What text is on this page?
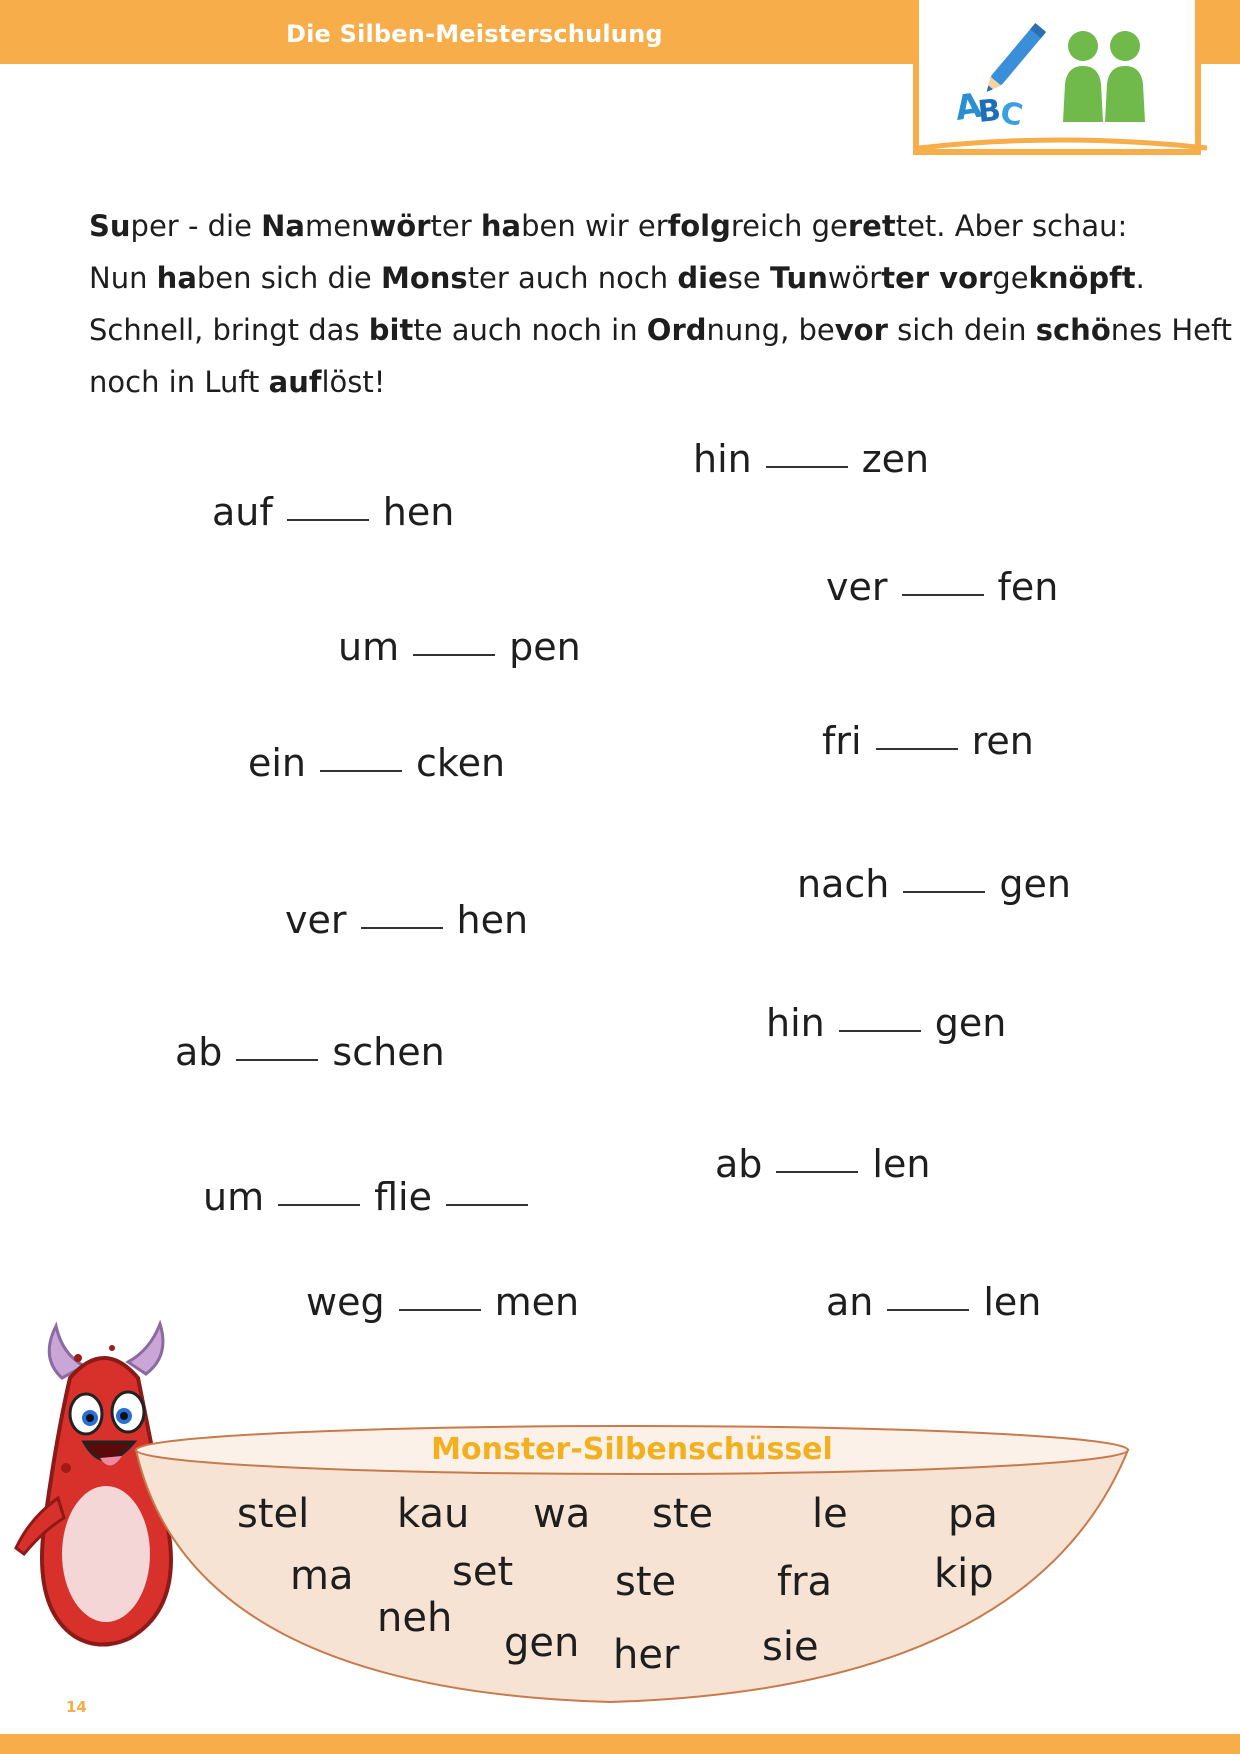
Die Silben-Meisterschulung
A
B
C
Super - die Namenwörter haben wir erfolgreich gerettet. Aber schau:
Nun haben sich die Monster auch noch diese Tunwörter vorgeknöpft.
Schnell, bringt das bitte auch noch in Ordnung, bevor sich dein schönes Heft
noch in Luft auflöst!
auf	hen
um	pen
ein	cken
ver	hen
ab	schen
um	flie
weg	men
hin	zen
ver	fen
fri	ren
nach	gen
hin	gen
ab	len
an	len
Monster-Silbenschüssel
stel kau wa ste le	pa
ma set	ste	fra	kip
neh
gen her sie
14
